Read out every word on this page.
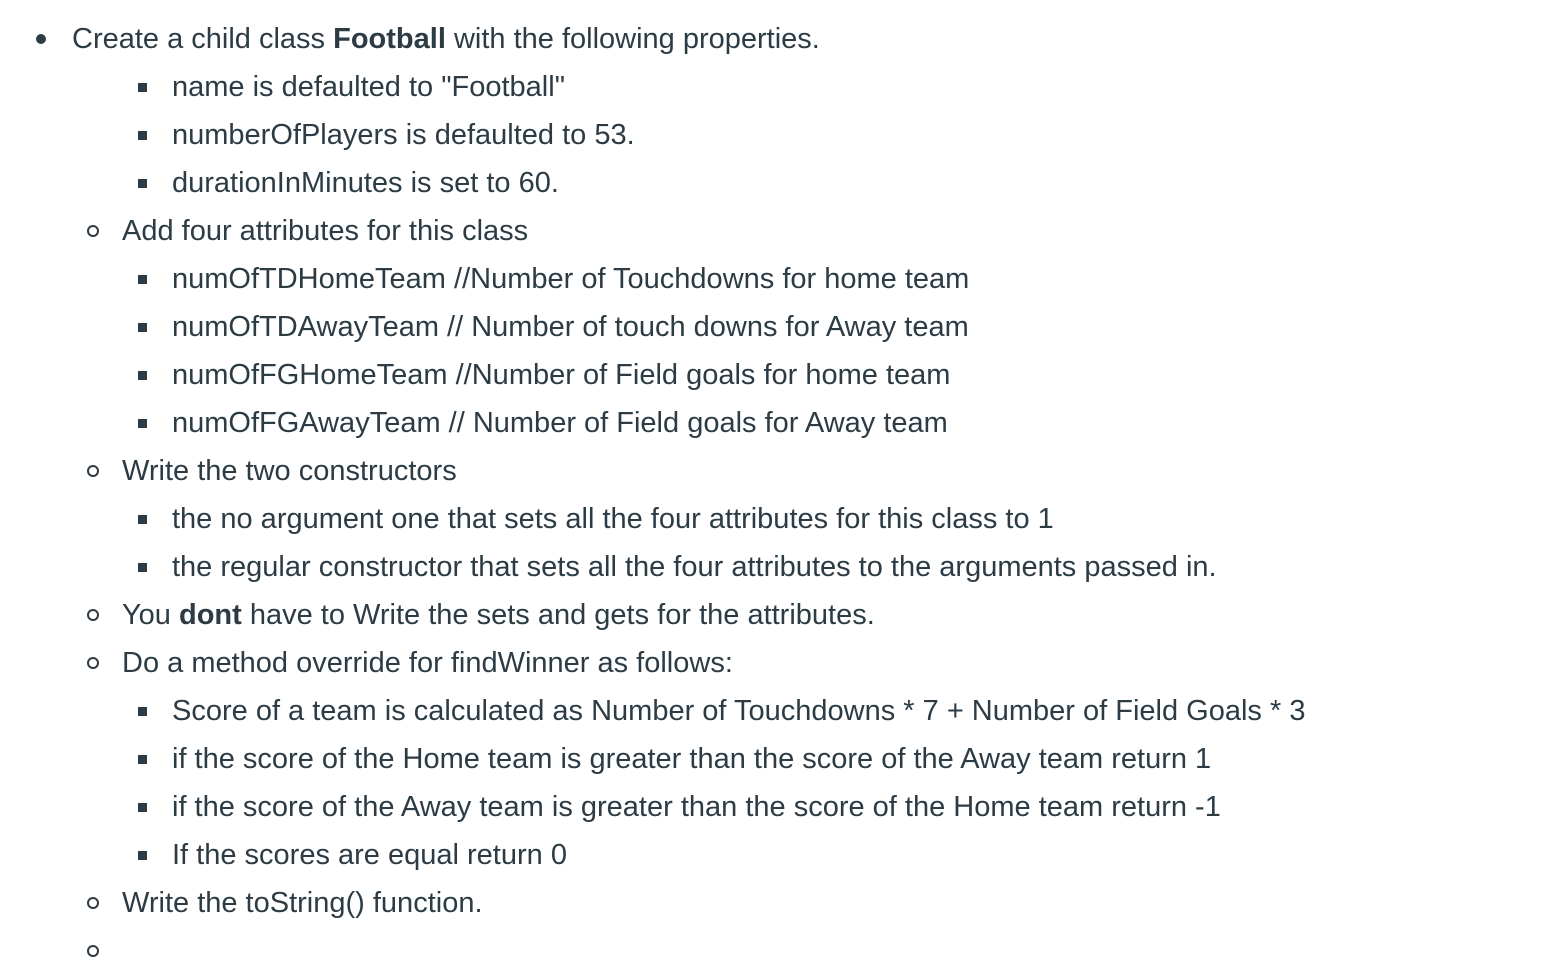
Create a child class Football with the following properties.
name is defaulted to "Football"
numberOfPlayers is defaulted to 53.
durationInMinutes is set to 60.
Add four attributes for this class
numOfTDHomeTeam //Number of Touchdowns for home team
numOfTDAwayTeam // Number of touch downs for Away team
numOfFGHomeTeam //Number of Field goals for home team
numOfFGAwayTeam // Number of Field goals for Away team
Write the two constructors
the no argument one that sets all the four attributes for this class to 1
the regular constructor that sets all the four attributes to the arguments passed in.
You dont have to Write the sets and gets for the attributes.
Do a method override for findWinner as follows:
Score of a team is calculated as Number of Touchdowns * 7 + Number of Field Goals * 3
if the score of the Home team is greater than the score of the Away team return 1
if the score of the Away team is greater than the score of the Home team return -1
If the scores are equal return 0
Write the toString() function.
